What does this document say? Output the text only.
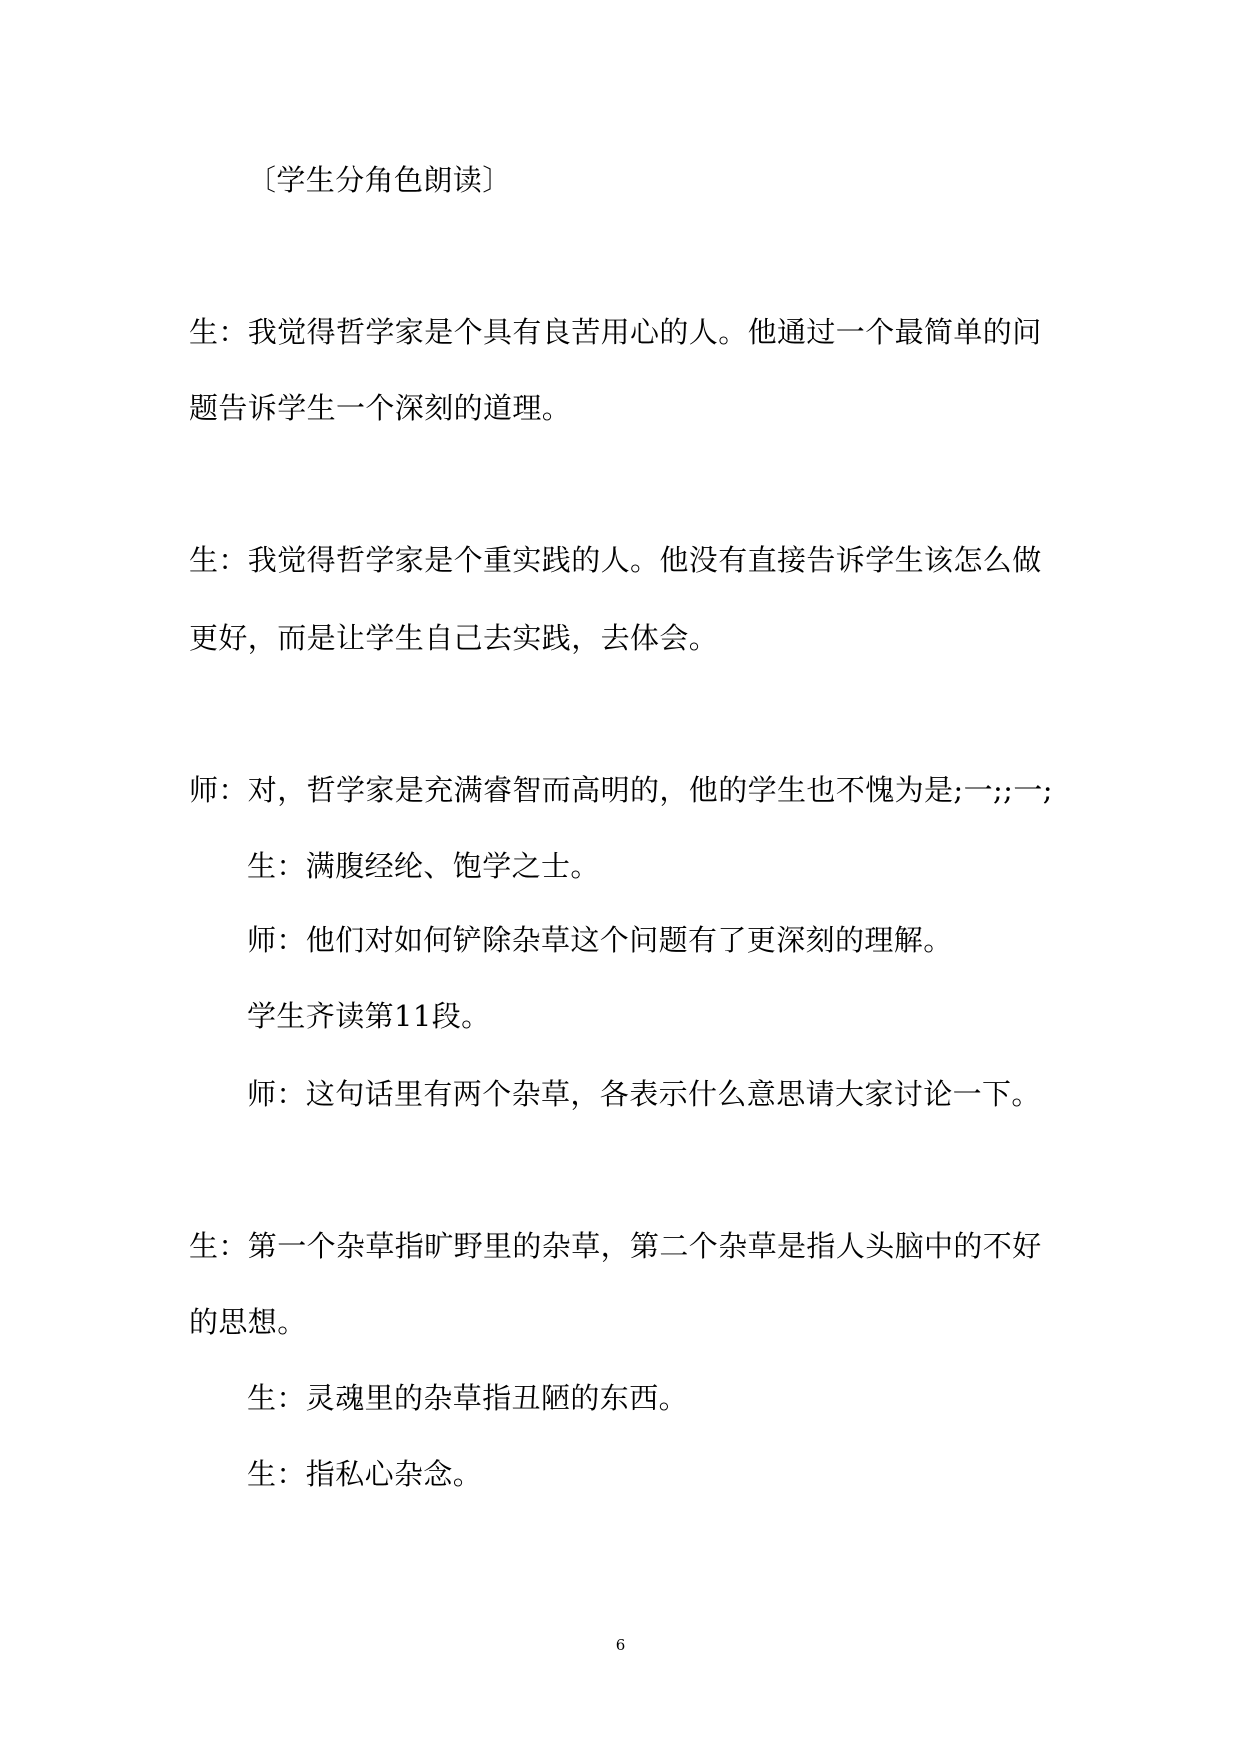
〔学生分角色朗读〕
生：我觉得哲学家是个具有良苦用心的人。他通过一个最简单的问
题告诉学生一个深刻的道理。
生：我觉得哲学家是个重实践的人。他没有直接告诉学生该怎么做
更好，而是让学生自己去实践，去体会。
师：对，哲学家是充满睿智而高明的，他的学生也不愧为是;一;;一;
生：满腹经纶、饱学之士。
师：他们对如何铲除杂草这个问题有了更深刻的理解。
学生齐读第11段。
师：这句话里有两个杂草，各表示什么意思请大家讨论一下。
生：第一个杂草指旷野里的杂草，第二个杂草是指人头脑中的不好
的思想。
生：灵魂里的杂草指丑陋的东西。
生：指私心杂念。
6
